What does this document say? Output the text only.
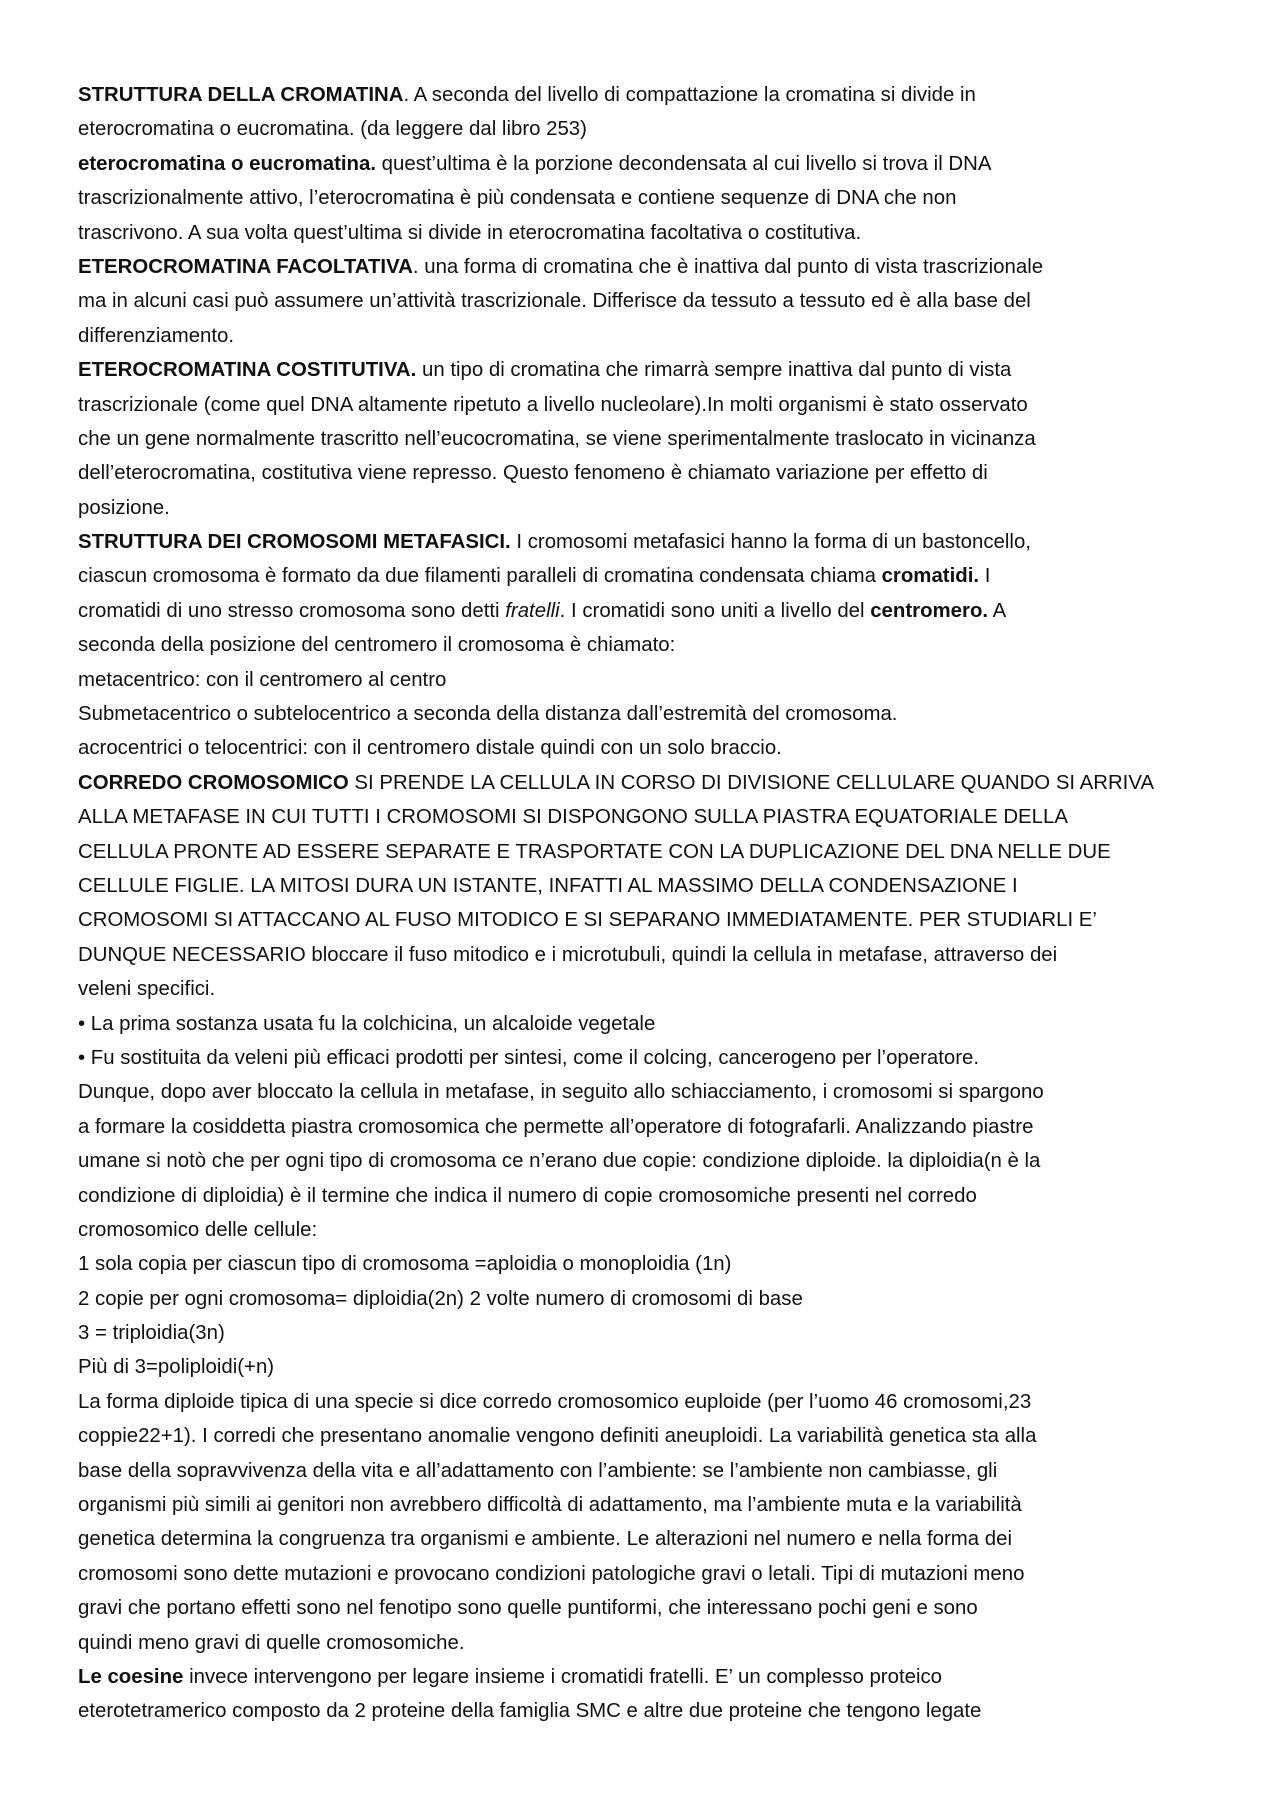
STRUTTURA DELLA CROMATINA. A seconda del livello di compattazione la cromatina si divide in
eterocromatina o eucromatina. (da leggere dal libro 253)
eterocromatina o eucromatina. quest’ultima è la porzione decondensata al cui livello si trova il DNA
trascrizionalmente attivo, l’eterocromatina è più condensata e contiene sequenze di DNA che non
trascrivono. A sua volta quest’ultima si divide in eterocromatina facoltativa o costitutiva.
ETEROCROMATINA FACOLTATIVA. una forma di cromatina che è inattiva dal punto di vista trascrizionale
ma in alcuni casi può assumere un’attività trascrizionale. Differisce da tessuto a tessuto ed è alla base del
differenziamento.
ETEROCROMATINA COSTITUTIVA. un tipo di cromatina che rimarrà sempre inattiva dal punto di vista
trascrizionale (come quel DNA altamente ripetuto a livello nucleolare).In molti organismi è stato osservato
che un gene normalmente trascritto nell’eucocromatina, se viene sperimentalmente traslocato in vicinanza
dell’eterocromatina, costitutiva viene represso. Questo fenomeno è chiamato variazione per effetto di
posizione.
STRUTTURA DEI CROMOSOMI METAFASICI. I cromosomi metafasici hanno la forma di un bastoncello,
ciascun cromosoma è formato da due filamenti paralleli di cromatina condensata chiama cromatidi. I
cromatidi di uno stresso cromosoma sono detti fratelli. I cromatidi sono uniti a livello del centromero. A
seconda della posizione del centromero il cromosoma è chiamato:
metacentrico: con il centromero al centro
Submetacentrico o subtelocentrico a seconda della distanza dall’estremità del cromosoma.
acrocentrici o telocentrici: con il centromero distale quindi con un solo braccio.
CORREDO CROMOSOMICO SI PRENDE LA CELLULA IN CORSO DI DIVISIONE CELLULARE QUANDO SI ARRIVA
ALLA METAFASE IN CUI TUTTI I CROMOSOMI SI DISPONGONO SULLA PIASTRA EQUATORIALE DELLA
CELLULA PRONTE AD ESSERE SEPARATE E TRASPORTATE CON LA DUPLICAZIONE DEL DNA NELLE DUE
CELLULE FIGLIE. LA MITOSI DURA UN ISTANTE, INFATTI AL MASSIMO DELLA CONDENSAZIONE I
CROMOSOMI SI ATTACCANO AL FUSO MITODICO E SI SEPARANO IMMEDIATAMENTE. PER STUDIARLI E’
DUNQUE NECESSARIO bloccare il fuso mitodico e i microtubuli, quindi la cellula in metafase, attraverso dei
veleni specifici.
• La prima sostanza usata fu la colchicina, un alcaloide vegetale
• Fu sostituita da veleni più efficaci prodotti per sintesi, come il colcing, cancerogeno per l’operatore.
Dunque, dopo aver bloccato la cellula in metafase, in seguito allo schiacciamento, i cromosomi si spargono
a formare la cosiddetta piastra cromosomica che permette all’operatore di fotografarli. Analizzando piastre
umane si notò che per ogni tipo di cromosoma ce n’erano due copie: condizione diploide. la diploidia(n è la
condizione di diploidia) è il termine che indica il numero di copie cromosomiche presenti nel corredo
cromosomico delle cellule:
1 sola copia per ciascun tipo di cromosoma =aploidia o monoploidia (1n)
2 copie per ogni cromosoma= diploidia(2n) 2 volte numero di cromosomi di base
3 = triploidia(3n)
Più di 3=poliploidi(+n)
La forma diploide tipica di una specie si dice corredo cromosomico euploide (per l’uomo 46 cromosomi,23
coppie22+1). I corredi che presentano anomalie vengono definiti aneuploidi. La variabilità genetica sta alla
base della sopravvivenza della vita e all’adattamento con l’ambiente: se l’ambiente non cambiasse, gli
organismi più simili ai genitori non avrebbero difficoltà di adattamento, ma l’ambiente muta e la variabilità
genetica determina la congruenza tra organismi e ambiente. Le alterazioni nel numero e nella forma dei
cromosomi sono dette mutazioni e provocano condizioni patologiche gravi o letali. Tipi di mutazioni meno
gravi che portano effetti sono nel fenotipo sono quelle puntiformi, che interessano pochi geni e sono
quindi meno gravi di quelle cromosomiche.
Le coesine invece intervengono per legare insieme i cromatidi fratelli. E’ un complesso proteico
eterotetramerico composto da 2 proteine della famiglia SMC e altre due proteine che tengono legate
